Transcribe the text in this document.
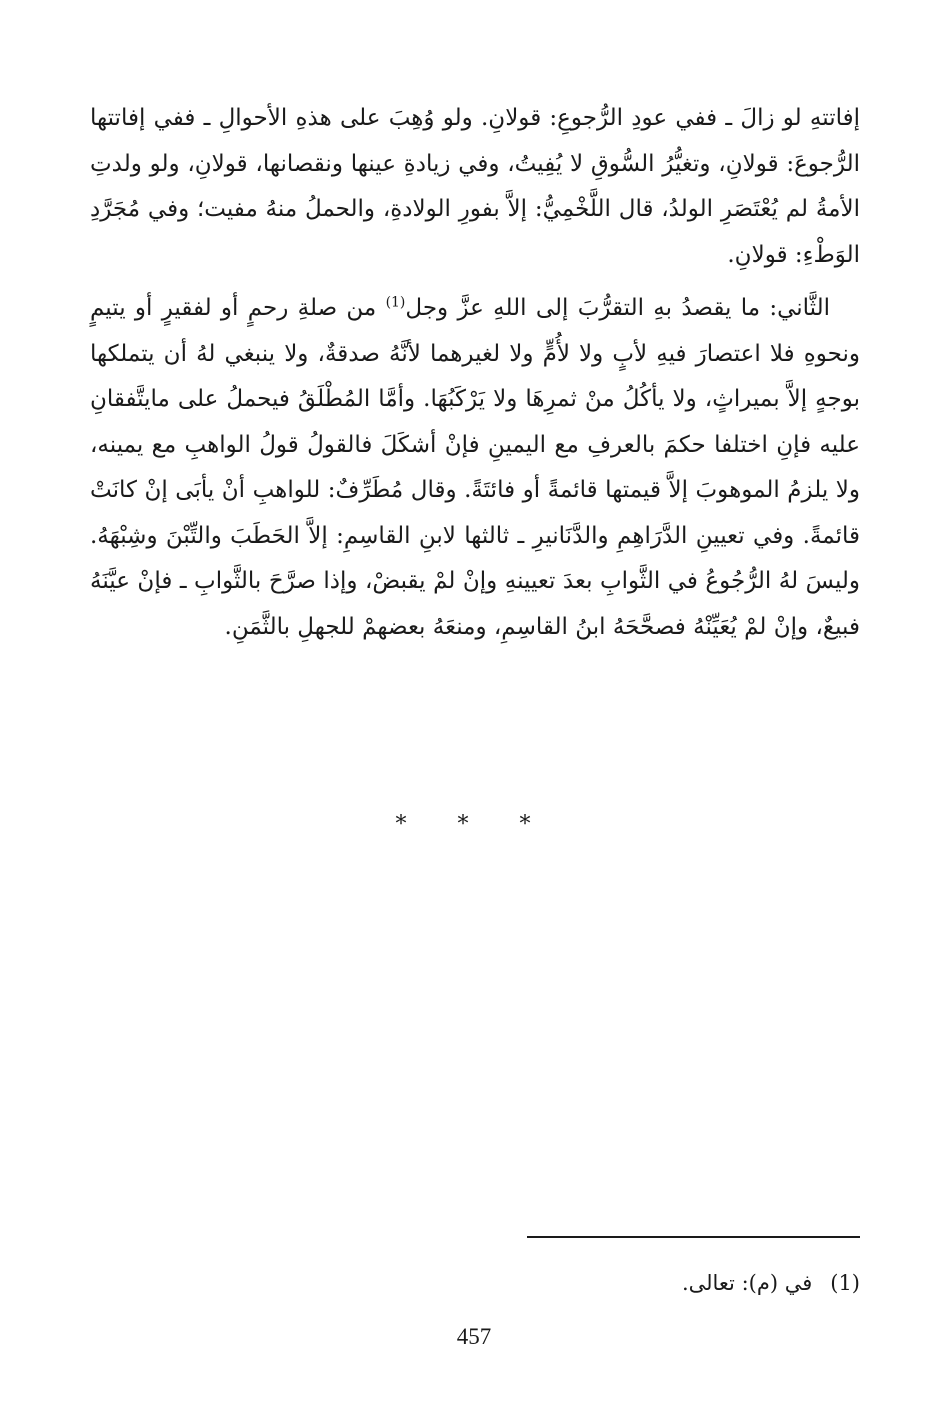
إفاتتهِ لو زالَ ـ ففي عودِ الرُّجوعِ: قولانِ. ولو وُهِبَ على هذهِ الأحوالِ ـ ففي إفاتتها الرُّجوعَ: قولانِ، وتغيُّرُ السُّوقِ لا يُفِيتُ، وفي زيادةِ عينها ونقصانها، قولانِ، ولو ولدتِ الأمةُ لم يُعْتَصَرِ الولدُ، قال اللَّخْمِيُّ: إلاَّ بفورِ الولادةِ، والحملُ منهُ مفيت؛ وفي مُجَرَّدِ الوَطْءِ: قولانِ.

الثَّاني: ما يقصدُ بهِ التقرُّبَ إلى اللهِ عزَّ وجل$^{(1)}$ من صلةِ رحمٍ أو لفقيرٍ أو يتيمٍ ونحوهِ فلا اعتصارَ فيهِ لأبٍ ولا لأُمٍّ ولا لغيرهما لأنَّهُ صدقةٌ، ولا ينبغي لهُ أن يتملكها بوجهٍ إلاَّ بميراثٍ، ولا يأكُلُ منْ ثمرِهَا ولا يَرْكَبُهَا. وأمَّا المُطْلَقُ فيحملُ على مايتَّفقانِ عليه فإنِ اختلفا حكمَ بالعرفِ مع اليمينِ فإنْ أشكَلَ فالقولُ قولُ الواهبِ مع يمينه، ولا يلزمُ الموهوبَ إلاَّ قيمتها قائمةً أو فائتَةً. وقال مُطَرِّفٌ: للواهبِ أنْ يأبَى إنْ كانَتْ قائمةً. وفي تعيينِ الدَّرَاهِمِ والدَّنَانيرِ ـ ثالثها لابنِ القاسِمِ: إلاَّ الحَطَبَ والتِّبْنَ وشِبْهَهُ. وليسَ لهُ الرُّجُوعُ في الثَّوابِ بعدَ تعيينهِ وإنْ لمْ يقبضْ، وإذا صرَّحَ بالثَّوابِ ـ فإنْ عيَّنَهُ فبيعٌ، وإنْ لمْ يُعَيِّنْهُ فصحَّحَهُ ابنُ القاسِمِ، ومنعَهُ بعضهمْ للجهلِ بالثَّمَنِ.

* * *
(1)في (م): تعالى.
457
